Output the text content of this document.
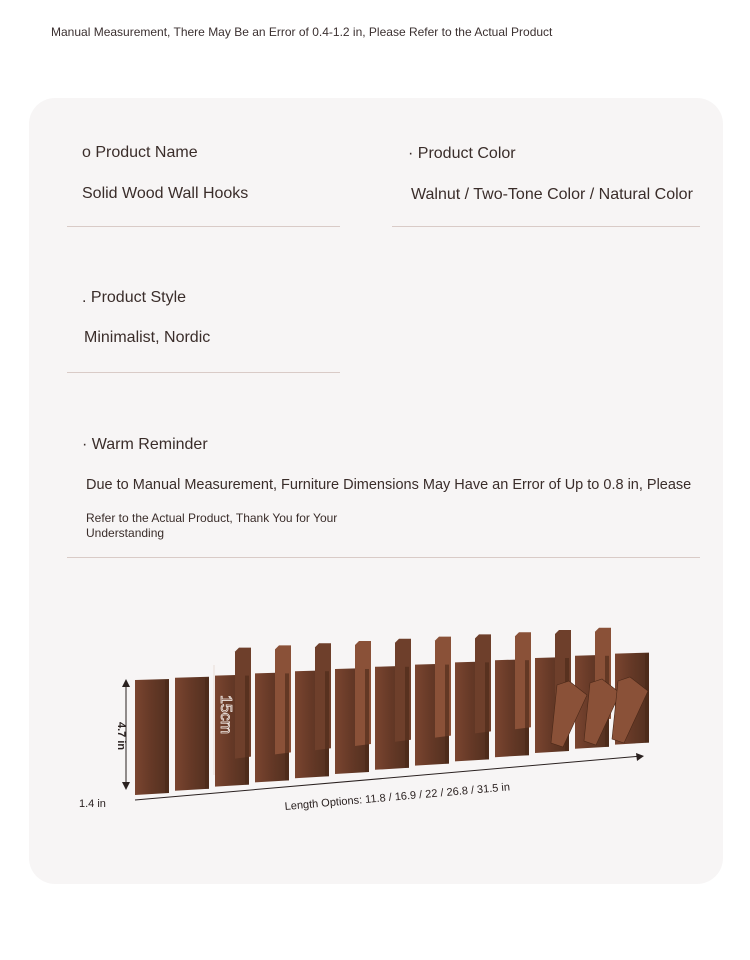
Manual Measurement, There May Be an Error of 0.4-1.2 in, Please Refer to the Actual Product
o Product Name
Solid Wood Wall Hooks
· Product Color
Walnut / Two-Tone Color / Natural Color
. Product Style
Minimalist, Nordic
· Warm Reminder
Due to Manual Measurement, Furniture Dimensions May Have an Error of Up to 0.8 in, Please
Refer to the Actual Product, Thank You for Your
Understanding
4.7 in
15cm
1.4 in	Length Options: 11.8 / 16.9 / 22 / 26.8 / 31.5 in
